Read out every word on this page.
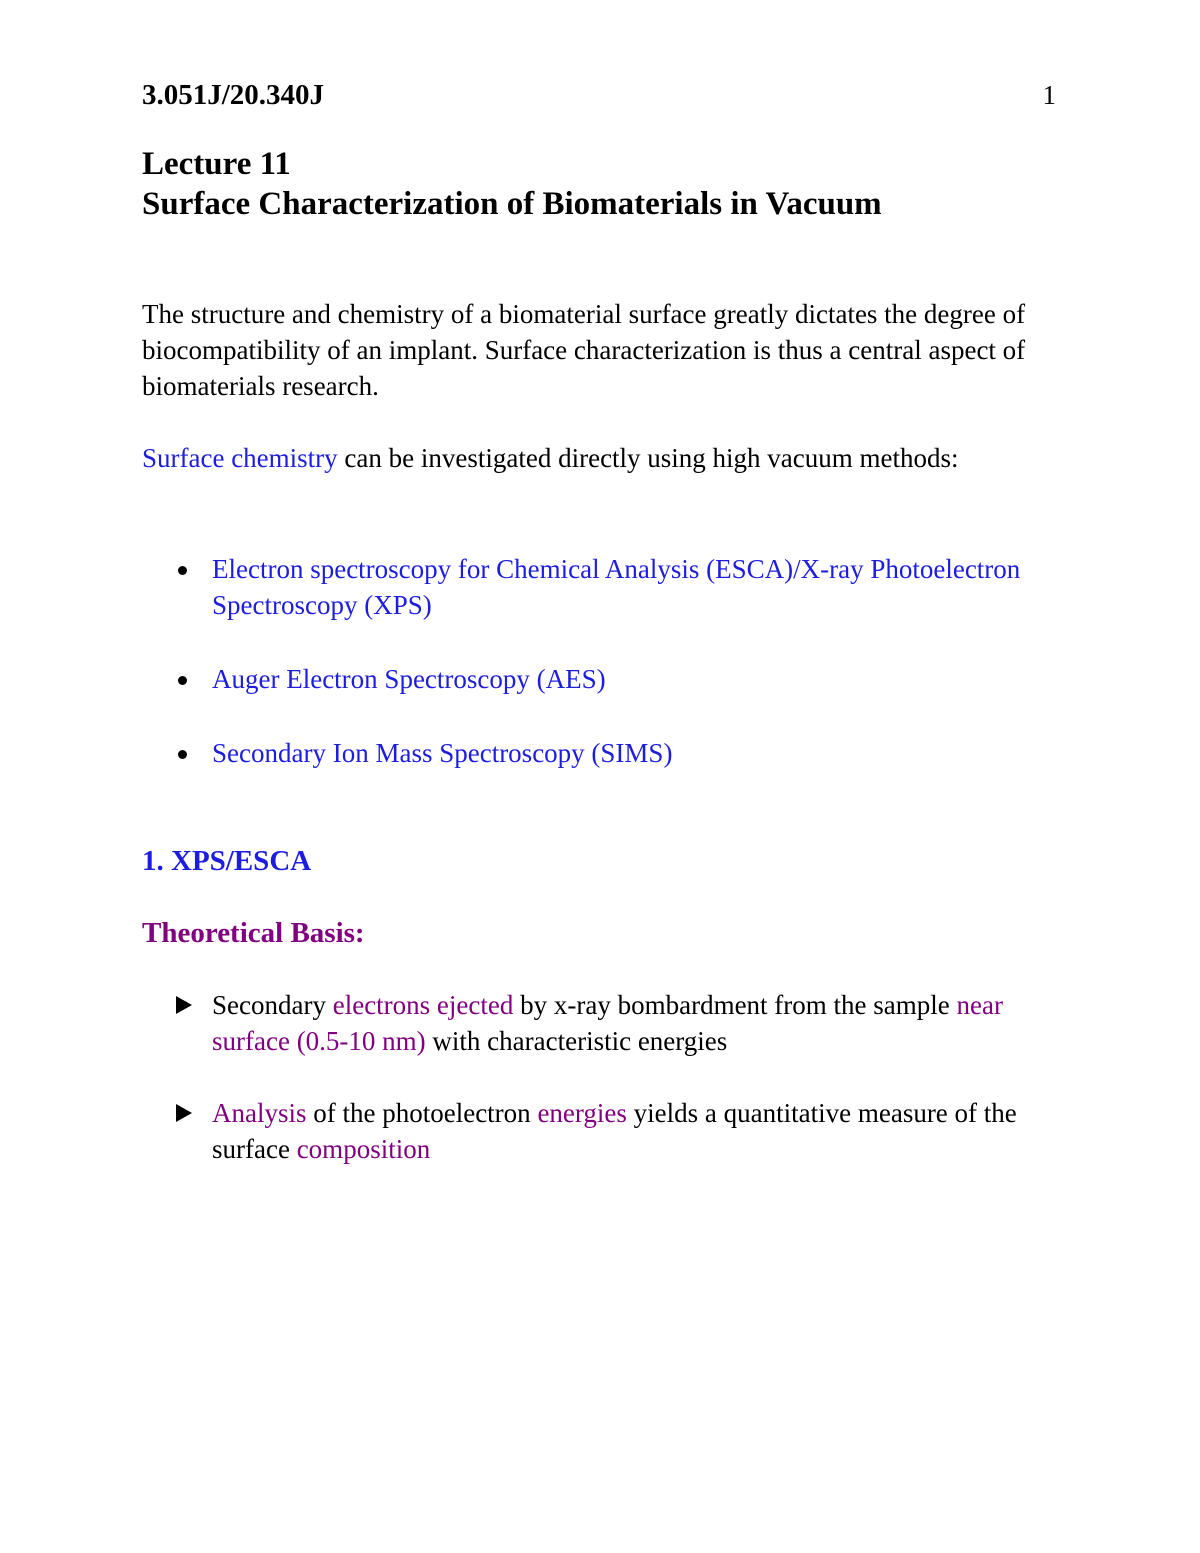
3.051J/20.340J	1
Lecture 11
Surface Characterization of Biomaterials in Vacuum

The structure and chemistry of a biomaterial surface greatly dictates the degree of biocompatibility of an implant. Surface characterization is thus a central aspect of biomaterials research.

Surface chemistry can be investigated directly using high vacuum methods:

Electron spectroscopy for Chemical Analysis (ESCA)/X-ray Photoelectron Spectroscopy (XPS)
Auger Electron Spectroscopy (AES)
Secondary Ion Mass Spectroscopy (SIMS)
1. XPS/ESCA
Theoretical Basis:
Secondary electrons ejected by x-ray bombardment from the sample near surface (0.5-10 nm) with characteristic energies
Analysis of the photoelectron energies yields a quantitative measure of the surface composition
